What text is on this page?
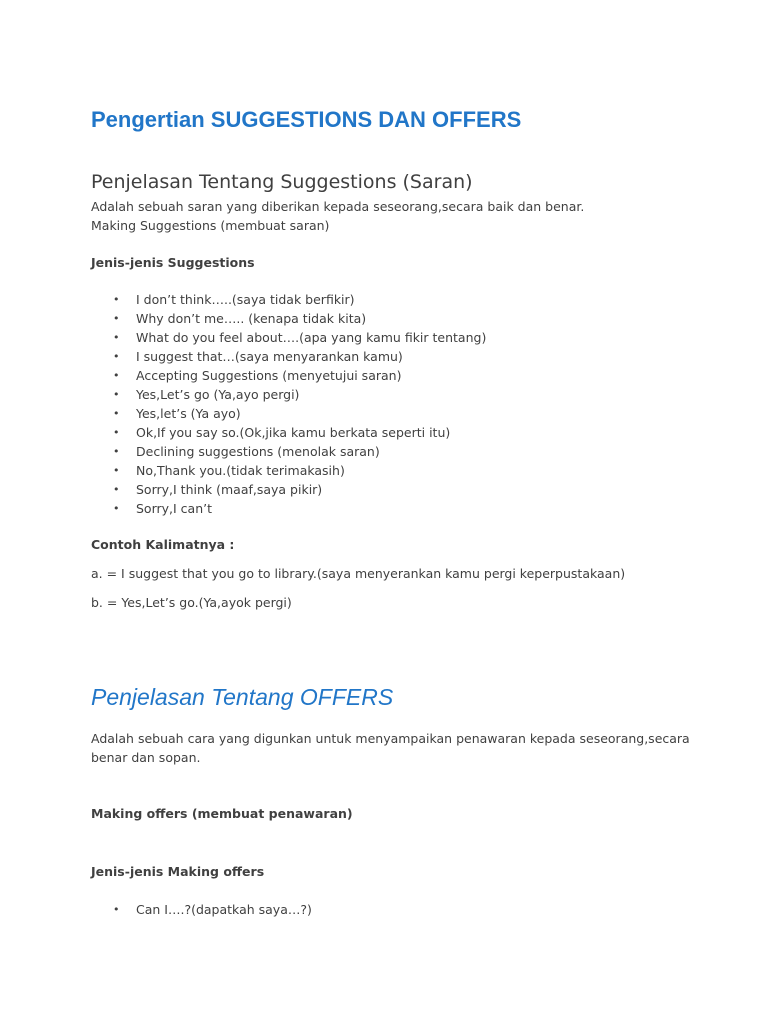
Pengertian SUGGESTIONS DAN OFFERS
Penjelasan Tentang Suggestions (Saran)
Adalah sebuah saran yang diberikan kepada seseorang,secara baik dan benar.
Making Suggestions (membuat saran)
Jenis-jenis Suggestions
• I don’t think…..(saya tidak berfikir)
• Why don’t me….. (kenapa tidak kita)
• What do you feel about….(apa yang kamu fikir tentang)
• I suggest that…(saya menyarankan kamu)
• Accepting Suggestions (menyetujui saran)
• Yes,Let’s go (Ya,ayo pergi)
• Yes,let’s (Ya ayo)
• Ok,If you say so.(Ok,jika kamu berkata seperti itu)
• Declining suggestions (menolak saran)
• No,Thank you.(tidak terimakasih)
• Sorry,I think (maaf,saya pikir)
• Sorry,I can’t
Contoh Kalimatnya :
a. = I suggest that you go to library.(saya menyerankan kamu pergi keperpustakaan)
b. = Yes,Let’s go.(Ya,ayok pergi)
Penjelasan Tentang OFFERS
Adalah sebuah cara yang digunkan untuk menyampaikan penawaran kepada seseorang,secara benar dan sopan.
Making offers (membuat penawaran)
Jenis-jenis Making offers
• Can I….?(dapatkah saya…?)
